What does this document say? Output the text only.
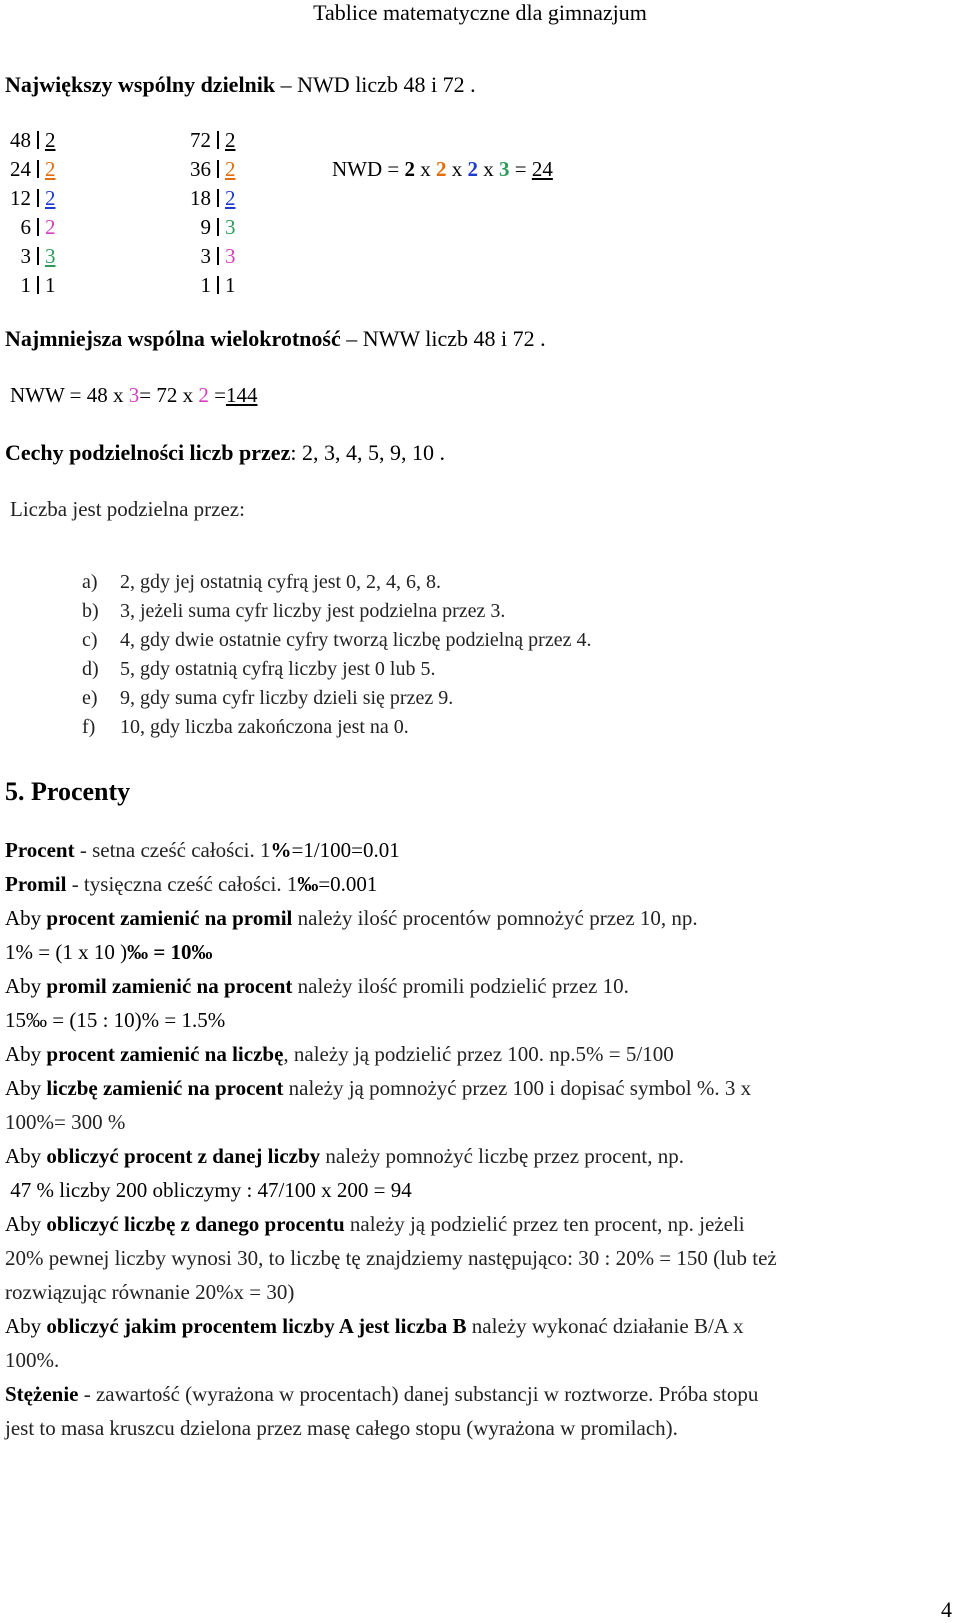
Tablice matematyczne dla gimnazjum
Największy wspólny dzielnik – NWD liczb 48 i 72 .
48 2
24 2
12 2
6 2
3 3
1 1
72 2
36 2
18 2
9 3
3 3
1 1
NWD = 2 x 2 x 2 x 3 = 24
Najmniejsza wspólna wielokrotność – NWW liczb 48 i 72 .
NWW = 48 x 3= 72 x 2 =144
Cechy podzielności liczb przez: 2, 3, 4, 5, 9, 10 .
Liczba jest podzielna przez:
a) 2, gdy jej ostatnią cyfrą jest 0, 2, 4, 6, 8.
b) 3, jeżeli suma cyfr liczby jest podzielna przez 3.
c) 4, gdy dwie ostatnie cyfry tworzą liczbę podzielną przez 4.
d) 5, gdy ostatnią cyfrą liczby jest 0 lub 5.
e) 9, gdy suma cyfr liczby dzieli się przez 9.
f) 10, gdy liczba zakończona jest na 0.
5. Procenty
Procent - setna cześć całości. 1%=1/100=0.01
Promil - tysięczna cześć całości. 1‰=0.001
Aby procent zamienić na promil należy ilość procentów pomnożyć przez 10, np.
1% = (1 x 10 )‰ = 10‰
Aby promil zamienić na procent należy ilość promili podzielić przez 10.
15‰ = (15 : 10)% = 1.5%
Aby procent zamienić na liczbę, należy ją podzielić przez 100. np.5% = 5/100
Aby liczbę zamienić na procent należy ją pomnożyć przez 100 i dopisać symbol %. 3 x
100%= 300 %
Aby obliczyć procent z danej liczby należy pomnożyć liczbę przez procent, np.
47 % liczby 200 obliczymy : 47/100 x 200 = 94
Aby obliczyć liczbę z danego procentu należy ją podzielić przez ten procent, np. jeżeli
20% pewnej liczby wynosi 30, to liczbę tę znajdziemy następująco: 30 : 20% = 150 (lub też
rozwiązując równanie 20%x = 30)
Aby obliczyć jakim procentem liczby A jest liczba B należy wykonać działanie B/A x
100%.
Stężenie - zawartość (wyrażona w procentach) danej substancji w roztworze. Próba stopu
jest to masa kruszcu dzielona przez masę całego stopu (wyrażona w promilach).
4
